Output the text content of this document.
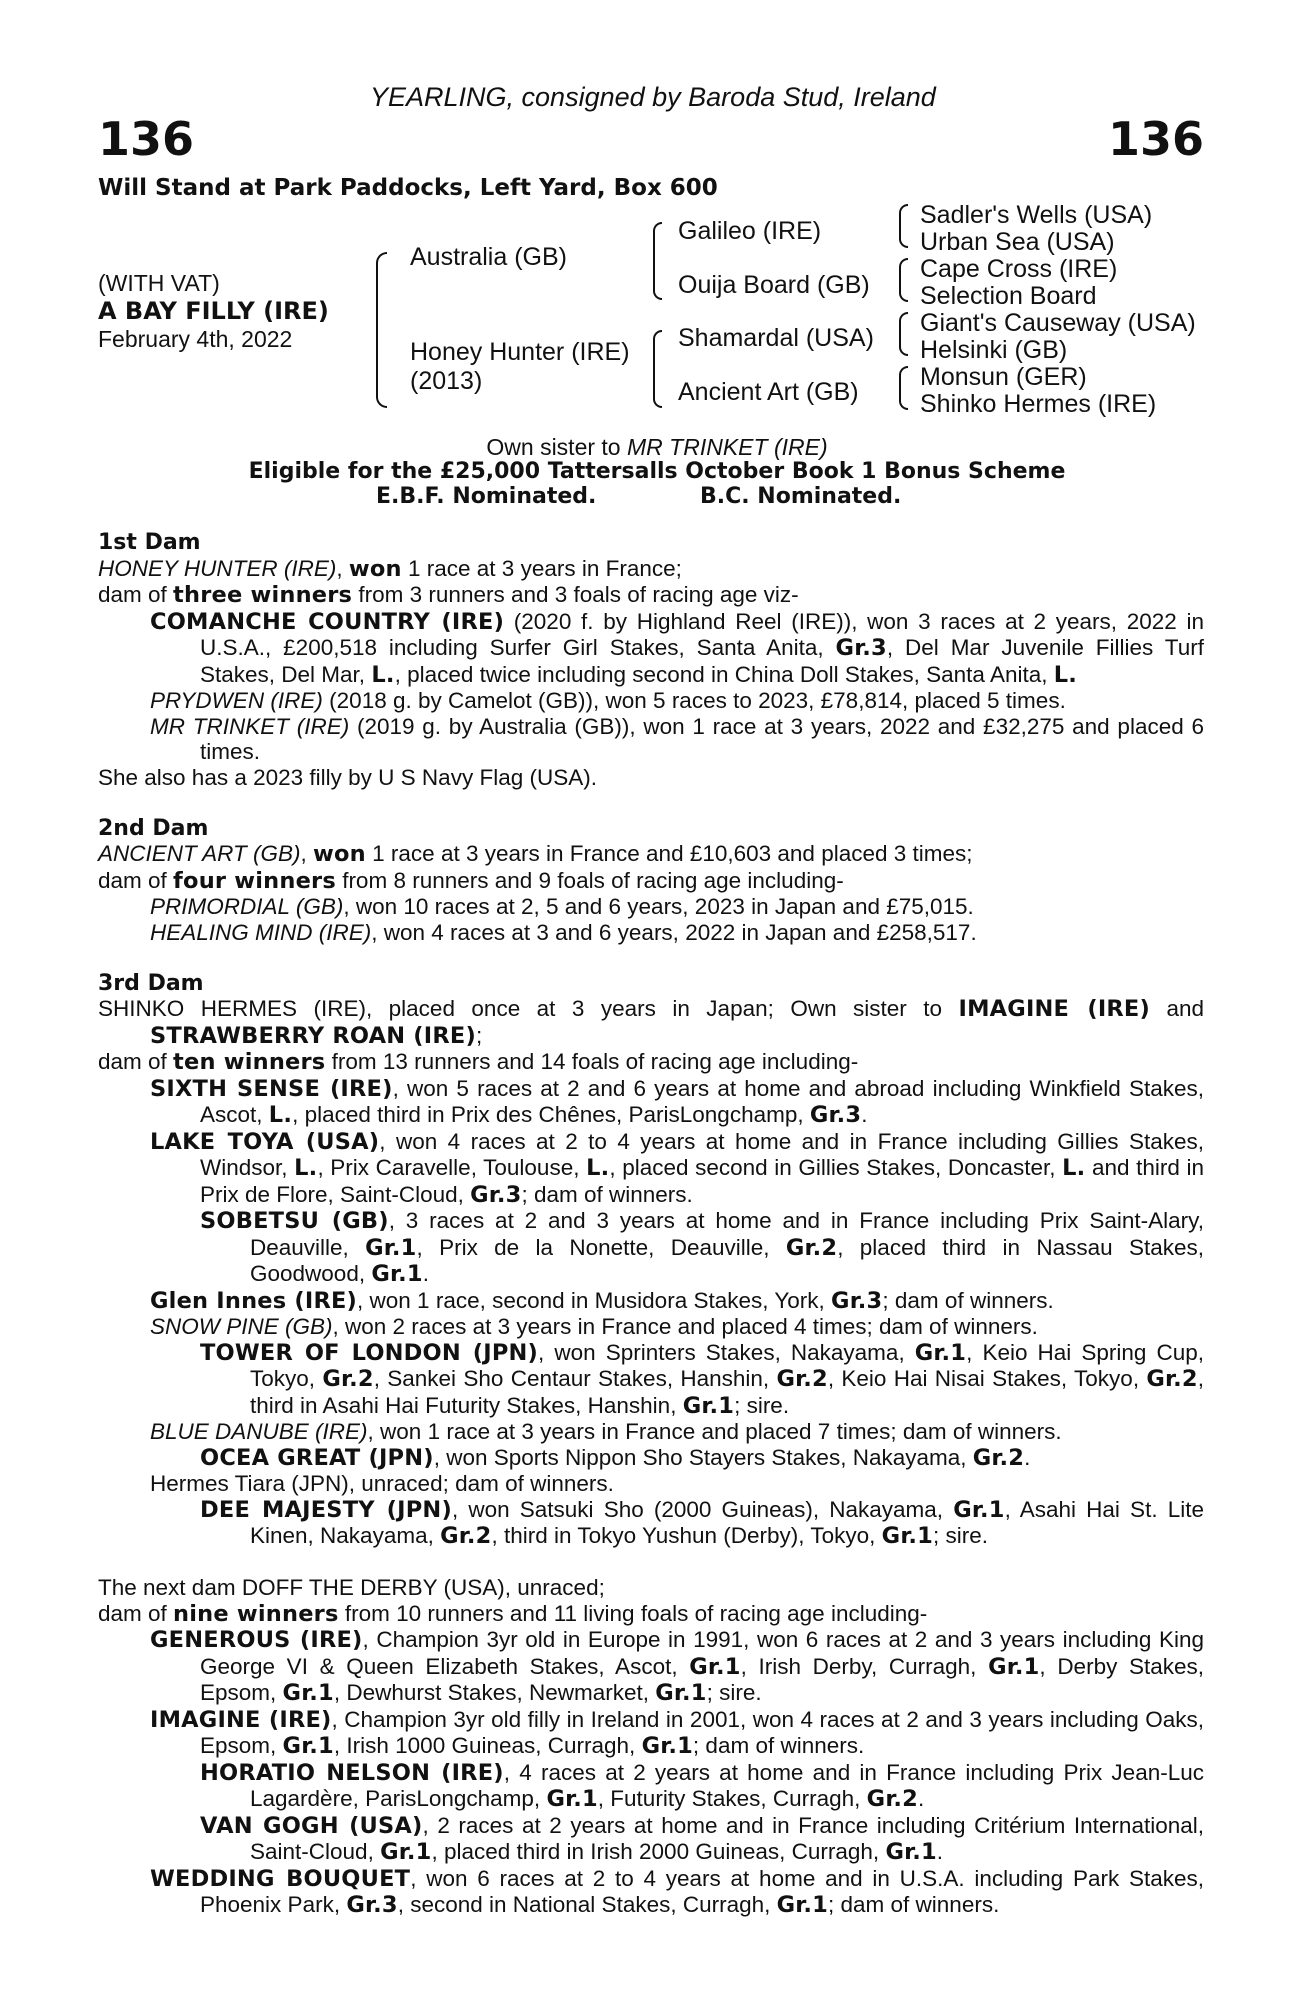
YEARLING, consigned by Baroda Stud, Ireland
136	136
Will Stand at Park Paddocks, Left Yard, Box 600
(WITH VAT)
A BAY FILLY (IRE)
February 4th, 2022
Australia (GB)
Honey Hunter (IRE)
(2013)
Galileo (IRE)
Ouija Board (GB)
Shamardal (USA)
Ancient Art (GB)
Sadler's Wells (USA)
Urban Sea (USA)
Cape Cross (IRE)
Selection Board
Giant's Causeway (USA)
Helsinki (GB)
Monsun (GER)
Shinko Hermes (IRE)
Own sister to MR TRINKET (IRE)
Eligible for the £25,000 Tattersalls October Book 1 Bonus Scheme
E.B.F. Nominated.	B.C. Nominated.

1st Dam

HONEY HUNTER (IRE), won 1 race at 3 years in France;

dam of three winners from 3 runners and 3 foals of racing age viz-

COMANCHE COUNTRY (IRE) (2020 f. by Highland Reel (IRE)), won 3 races at 2 years, 2022 in U.S.A., £200,518 including Surfer Girl Stakes, Santa Anita, Gr.3, Del Mar Juvenile Fillies Turf Stakes, Del Mar, L., placed twice including second in China Doll Stakes, Santa Anita, L.

PRYDWEN (IRE) (2018 g. by Camelot (GB)), won 5 races to 2023, £78,814, placed 5 times.

MR TRINKET (IRE) (2019 g. by Australia (GB)), won 1 race at 3 years, 2022 and £32,275 and placed 6 times.

She also has a 2023 filly by U S Navy Flag (USA).

2nd Dam

ANCIENT ART (GB), won 1 race at 3 years in France and £10,603 and placed 3 times;

dam of four winners from 8 runners and 9 foals of racing age including-

PRIMORDIAL (GB), won 10 races at 2, 5 and 6 years, 2023 in Japan and £75,015.

HEALING MIND (IRE), won 4 races at 3 and 6 years, 2022 in Japan and £258,517.

3rd Dam

SHINKO HERMES (IRE), placed once at 3 years in Japan; Own sister to IMAGINE (IRE) and STRAWBERRY ROAN (IRE);

dam of ten winners from 13 runners and 14 foals of racing age including-

SIXTH SENSE (IRE), won 5 races at 2 and 6 years at home and abroad including Winkfield Stakes, Ascot, L., placed third in Prix des Chênes, ParisLongchamp, Gr.3.

LAKE TOYA (USA), won 4 races at 2 to 4 years at home and in France including Gillies Stakes, Windsor, L., Prix Caravelle, Toulouse, L., placed second in Gillies Stakes, Doncaster, L. and third in Prix de Flore, Saint-Cloud, Gr.3; dam of winners.

SOBETSU (GB), 3 races at 2 and 3 years at home and in France including Prix Saint-Alary, Deauville, Gr.1, Prix de la Nonette, Deauville, Gr.2, placed third in Nassau Stakes, Goodwood, Gr.1.

Glen Innes (IRE), won 1 race, second in Musidora Stakes, York, Gr.3; dam of winners.

SNOW PINE (GB), won 2 races at 3 years in France and placed 4 times; dam of winners.

TOWER OF LONDON (JPN), won Sprinters Stakes, Nakayama, Gr.1, Keio Hai Spring Cup, Tokyo, Gr.2, Sankei Sho Centaur Stakes, Hanshin, Gr.2, Keio Hai Nisai Stakes, Tokyo, Gr.2, third in Asahi Hai Futurity Stakes, Hanshin, Gr.1; sire.

BLUE DANUBE (IRE), won 1 race at 3 years in France and placed 7 times; dam of winners.

OCEA GREAT (JPN), won Sports Nippon Sho Stayers Stakes, Nakayama, Gr.2.

Hermes Tiara (JPN), unraced; dam of winners.

DEE MAJESTY (JPN), won Satsuki Sho (2000 Guineas), Nakayama, Gr.1, Asahi Hai St. Lite Kinen, Nakayama, Gr.2, third in Tokyo Yushun (Derby), Tokyo, Gr.1; sire.

The next dam DOFF THE DERBY (USA), unraced;

dam of nine winners from 10 runners and 11 living foals of racing age including-

GENEROUS (IRE), Champion 3yr old in Europe in 1991, won 6 races at 2 and 3 years including King George VI & Queen Elizabeth Stakes, Ascot, Gr.1, Irish Derby, Curragh, Gr.1, Derby Stakes, Epsom, Gr.1, Dewhurst Stakes, Newmarket, Gr.1; sire.

IMAGINE (IRE), Champion 3yr old filly in Ireland in 2001, won 4 races at 2 and 3 years including Oaks, Epsom, Gr.1, Irish 1000 Guineas, Curragh, Gr.1; dam of winners.

HORATIO NELSON (IRE), 4 races at 2 years at home and in France including Prix Jean-Luc Lagardère, ParisLongchamp, Gr.1, Futurity Stakes, Curragh, Gr.2.

VAN GOGH (USA), 2 races at 2 years at home and in France including Critérium International, Saint-Cloud, Gr.1, placed third in Irish 2000 Guineas, Curragh, Gr.1.

WEDDING BOUQUET, won 6 races at 2 to 4 years at home and in U.S.A. including Park Stakes, Phoenix Park, Gr.3, second in National Stakes, Curragh, Gr.1; dam of winners.
